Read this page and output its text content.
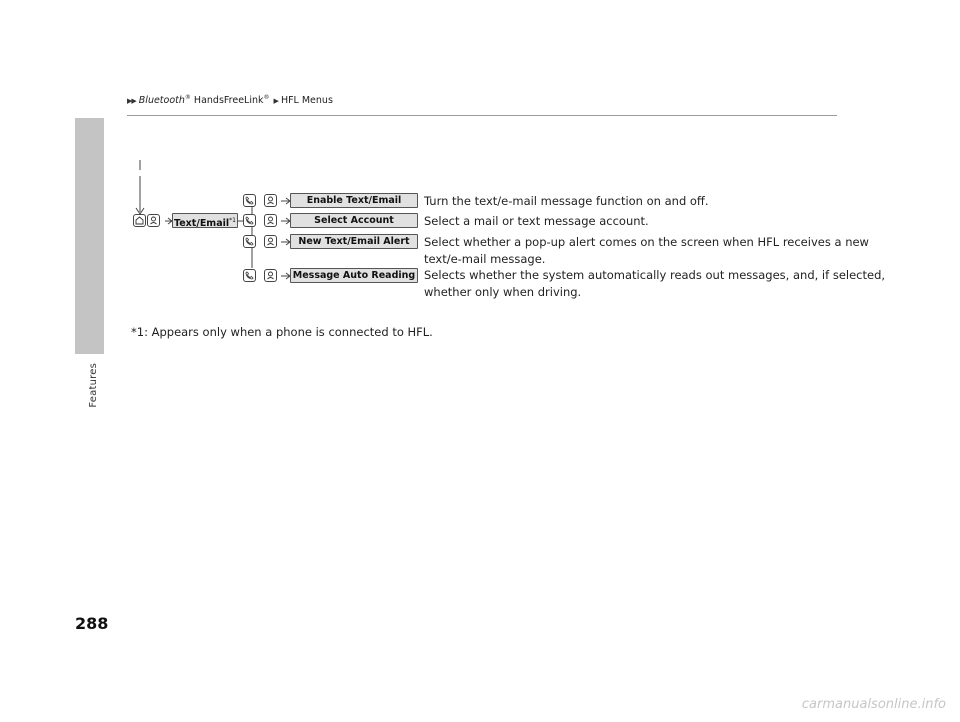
▶▶ Bluetooth® HandsFreeLink® ▶ HFL Menus
Features
Text/Email$^{*1}$
Enable Text/Email	Turn the text/e-mail message function on and off.
Select Account	Select a mail or text message account.
New Text/Email Alert	Select whether a pop-up alert comes on the screen when HFL receives a new
text/e-mail message.
Message Auto Reading Selects whether the system automatically reads out messages, and, if selected,
whether only when driving.
*1: Appears only when a phone is connected to HFL.
288
carmanualsonline.info
